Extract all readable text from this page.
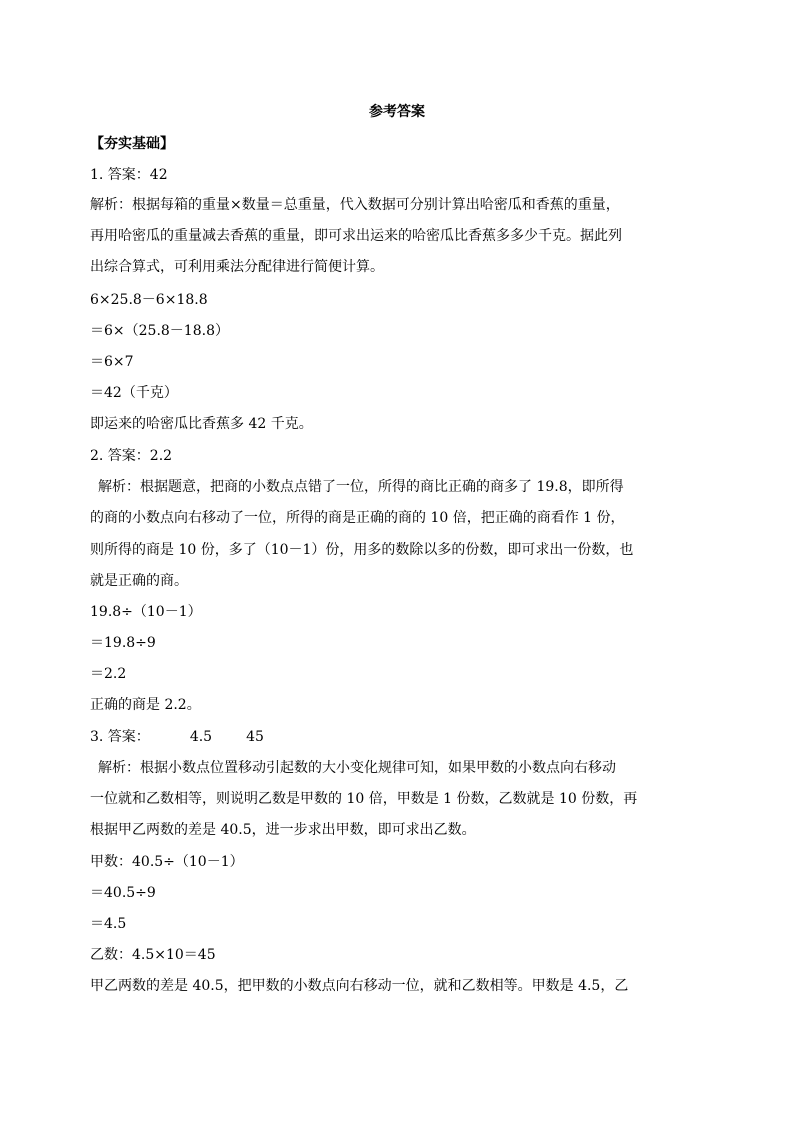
参考答案
【夯实基础】
1. 答案：42
解析：根据每箱的重量×数量＝总重量，代入数据可分别计算出哈密瓜和香蕉的重量，
再用哈密瓜的重量减去香蕉的重量，即可求出运来的哈密瓜比香蕉多多少千克。据此列
出综合算式，可利用乘法分配律进行简便计算。
6×25.8－6×18.8
＝6×（25.8－18.8）
＝6×7
＝42（千克）
即运来的哈密瓜比香蕉多 42 千克。
2. 答案：2.2
解析：根据题意，把商的小数点点错了一位，所得的商比正确的商多了 19.8，即所得
的商的小数点向右移动了一位，所得的商是正确的商的 10 倍，把正确的商看作 1 份，
则所得的商是 10 份，多了（10－1）份，用多的数除以多的份数，即可求出一份数，也
就是正确的商。
19.8÷（10－1）
＝19.8÷9
＝2.2
正确的商是 2.2。
3. 答案：	4.5 45
解析：根据小数点位置移动引起数的大小变化规律可知，如果甲数的小数点向右移动
一位就和乙数相等，则说明乙数是甲数的 10 倍，甲数是 1 份数，乙数就是 10 份数，再
根据甲乙两数的差是 40.5，进一步求出甲数，即可求出乙数。
甲数：40.5÷（10－1）
＝40.5÷9
＝4.5
乙数：4.5×10＝45
甲乙两数的差是 40.5，把甲数的小数点向右移动一位，就和乙数相等。甲数是 4.5，乙
